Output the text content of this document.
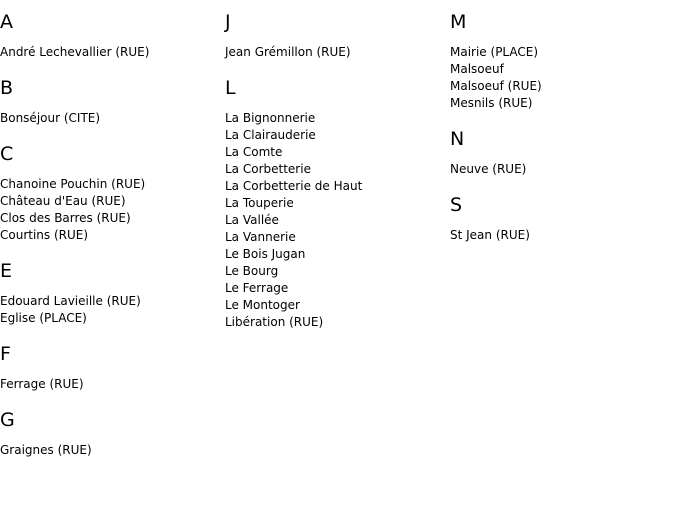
A
André Lechevallier (RUE)
B
Bonséjour (CITE)
C
Chanoine Pouchin (RUE)
Château d'Eau (RUE)
Clos des Barres (RUE)
Courtins (RUE)
E
Edouard Lavieille (RUE)
Eglise (PLACE)
F
Ferrage (RUE)
G
Graignes (RUE)
J
Jean Grémillon (RUE)
L
La Bignonnerie
La Clairauderie
La Comte
La Corbetterie
La Corbetterie de Haut
La Touperie
La Vallée
La Vannerie
Le Bois Jugan
Le Bourg
Le Ferrage
Le Montoger
Libération (RUE)
M
Mairie (PLACE)
Malsoeuf
Malsoeuf (RUE)
Mesnils (RUE)
N
Neuve (RUE)
S
St Jean (RUE)
